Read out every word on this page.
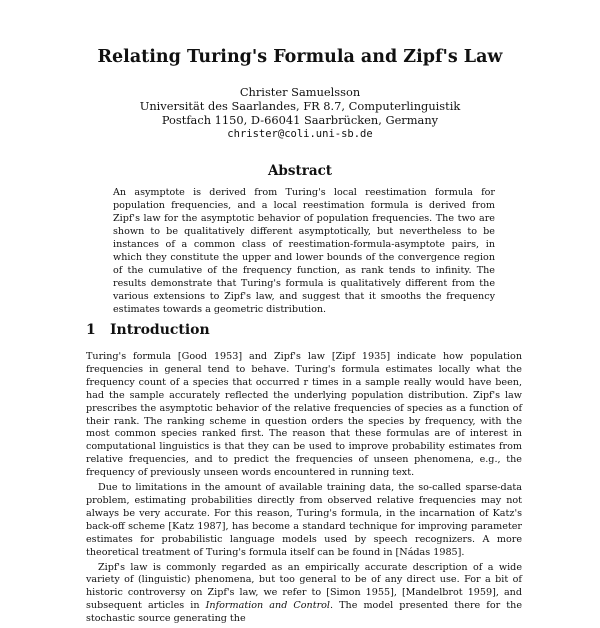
Relating Turing's Formula and Zipf's Law
Christer Samuelsson
Universität des Saarlandes, FR 8.7, Computerlinguistik
Postfach 1150, D-66041 Saarbrücken, Germany
christer@coli.uni-sb.de
Abstract

An asymptote is derived from Turing's local reestimation formula for population frequencies, and a local reestimation formula is derived from Zipf's law for the asymptotic behavior of population frequencies. The two are shown to be qualitatively different asymptotically, but nevertheless to be instances of a common class of reestimation-formula-asymptote pairs, in which they constitute the upper and lower bounds of the convergence region of the cumulative of the frequency function, as rank tends to infinity. The results demonstrate that Turing's formula is qualitatively different from the various extensions to Zipf's law, and suggest that it smooths the frequency estimates towards a geometric distribution.

1 Introduction

Turing's formula [Good 1953] and Zipf's law [Zipf 1935] indicate how population frequencies in general tend to behave. Turing's formula estimates locally what the frequency count of a species that occurred r times in a sample really would have been, had the sample accurately reflected the underlying population distribution. Zipf's law prescribes the asymptotic behavior of the relative frequencies of species as a function of their rank. The ranking scheme in question orders the species by frequency, with the most common species ranked first. The reason that these formulas are of interest in computational linguistics is that they can be used to improve probability estimates from relative frequencies, and to predict the frequencies of unseen phenomena, e.g., the frequency of previously unseen words encountered in running text.

Due to limitations in the amount of available training data, the so-called sparse-data problem, estimating probabilities directly from observed relative frequencies may not always be very accurate. For this reason, Turing's formula, in the incarnation of Katz's back-off scheme [Katz 1987], has become a standard technique for improving parameter estimates for probabilistic language models used by speech recognizers. A more theoretical treatment of Turing's formula itself can be found in [Nádas 1985].

Zipf's law is commonly regarded as an empirically accurate description of a wide variety of (linguistic) phenomena, but too general to be of any direct use. For a bit of historic controversy on Zipf's law, we refer to [Simon 1955], [Mandelbrot 1959], and subsequent articles in Information and Control. The model presented there for the stochastic source generating the
